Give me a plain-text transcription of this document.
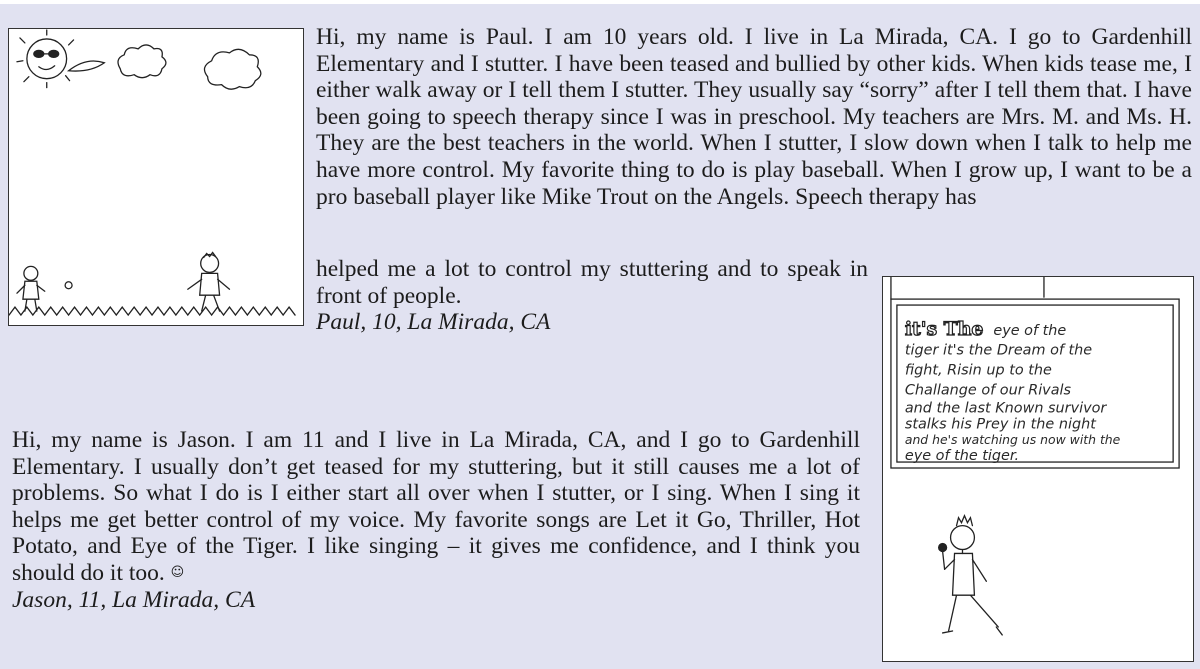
Hi, my name is Paul. I am 10 years old. I live in La Mirada, CA. I go to Gardenhill Elementary and I stutter. I have been teased and bullied by other kids. When kids tease me, I either walk away or I tell them I stutter. They usually say “sorry” after I tell them that. I have been going to speech therapy since I was in preschool. My teachers are Mrs. M. and Ms. H. They are the best teachers in the world. When I stutter, I slow down when I talk to help me have more control. My favorite thing to do is play baseball. When I grow up, I want to be a pro baseball player like Mike Trout on the Angels. Speech therapy has

helped me a lot to control my stuttering and to speak in front of people.
Paul, 10, La Mirada, CA

Hi, my name is Jason. I am 11 and I live in La Mirada, CA, and I go to Gardenhill Elementary. I usually don’t get teased for my stuttering, but it still causes me a lot of problems. So what I do is I either start all over when I stutter, or I sing. When I sing it helps me get better control of my voice. My favorite songs are Let it Go, Thriller, Hot Potato, and Eye of the Tiger. I like singing – it gives me confidence, and I think you should do it too. ☺
Jason, 11, La Mirada, CA

it's The eye of the
tiger it's the Dream of the
fight, Risin up to the
Challange of our Rivals
and the last Known survivor
stalks his Prey in the night
and he's watching us now with the
eye of the tiger.
